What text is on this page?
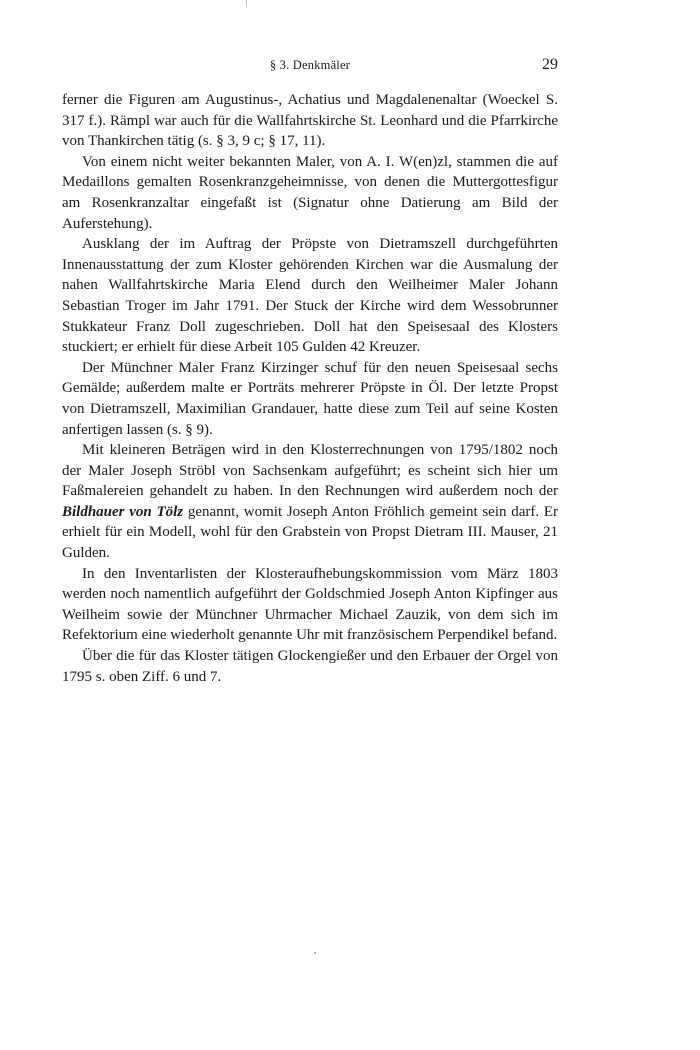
§ 3. Denkmäler	29

ferner die Figuren am Augustinus-, Achatius und Magdalenenaltar (Woeckel S. 317 f.). Rämpl war auch für die Wallfahrtskirche St. Leonhard und die Pfarrkirche von Thankirchen tätig (s. § 3, 9 c; § 17, 11).

Von einem nicht weiter bekannten Maler, von A. I. W(en)zl, stammen die auf Medaillons gemalten Rosenkranzgeheimnisse, von denen die Muttergottesfigur am Rosenkranzaltar eingefaßt ist (Signatur ohne Datierung am Bild der Auferstehung).

Ausklang der im Auftrag der Pröpste von Dietramszell durchgeführten Innenausstattung der zum Kloster gehörenden Kirchen war die Ausmalung der nahen Wallfahrtskirche Maria Elend durch den Weilheimer Maler Johann Sebastian Troger im Jahr 1791. Der Stuck der Kirche wird dem Wessobrunner Stukkateur Franz Doll zugeschrieben. Doll hat den Speisesaal des Klosters stuckiert; er erhielt für diese Arbeit 105 Gulden 42 Kreuzer.

Der Münchner Maler Franz Kirzinger schuf für den neuen Speisesaal sechs Gemälde; außerdem malte er Porträts mehrerer Pröpste in Öl. Der letzte Propst von Dietramszell, Maximilian Grandauer, hatte diese zum Teil auf seine Kosten anfertigen lassen (s. § 9).

Mit kleineren Beträgen wird in den Klosterrechnungen von 1795/1802 noch der Maler Joseph Ströbl von Sachsenkam aufgeführt; es scheint sich hier um Faßmalereien gehandelt zu haben. In den Rechnungen wird außerdem noch der Bildhauer von Tölz genannt, womit Joseph Anton Fröhlich gemeint sein darf. Er erhielt für ein Modell, wohl für den Grabstein von Propst Dietram III. Mauser, 21 Gulden.

In den Inventarlisten der Klosteraufhebungskommission vom März 1803 werden noch namentlich aufgeführt der Goldschmied Joseph Anton Kipfinger aus Weilheim sowie der Münchner Uhrmacher Michael Zauzik, von dem sich im Refektorium eine wiederholt genannte Uhr mit französischem Perpendikel befand.

Über die für das Kloster tätigen Glockengießer und den Erbauer der Orgel von 1795 s. oben Ziff. 6 und 7.
